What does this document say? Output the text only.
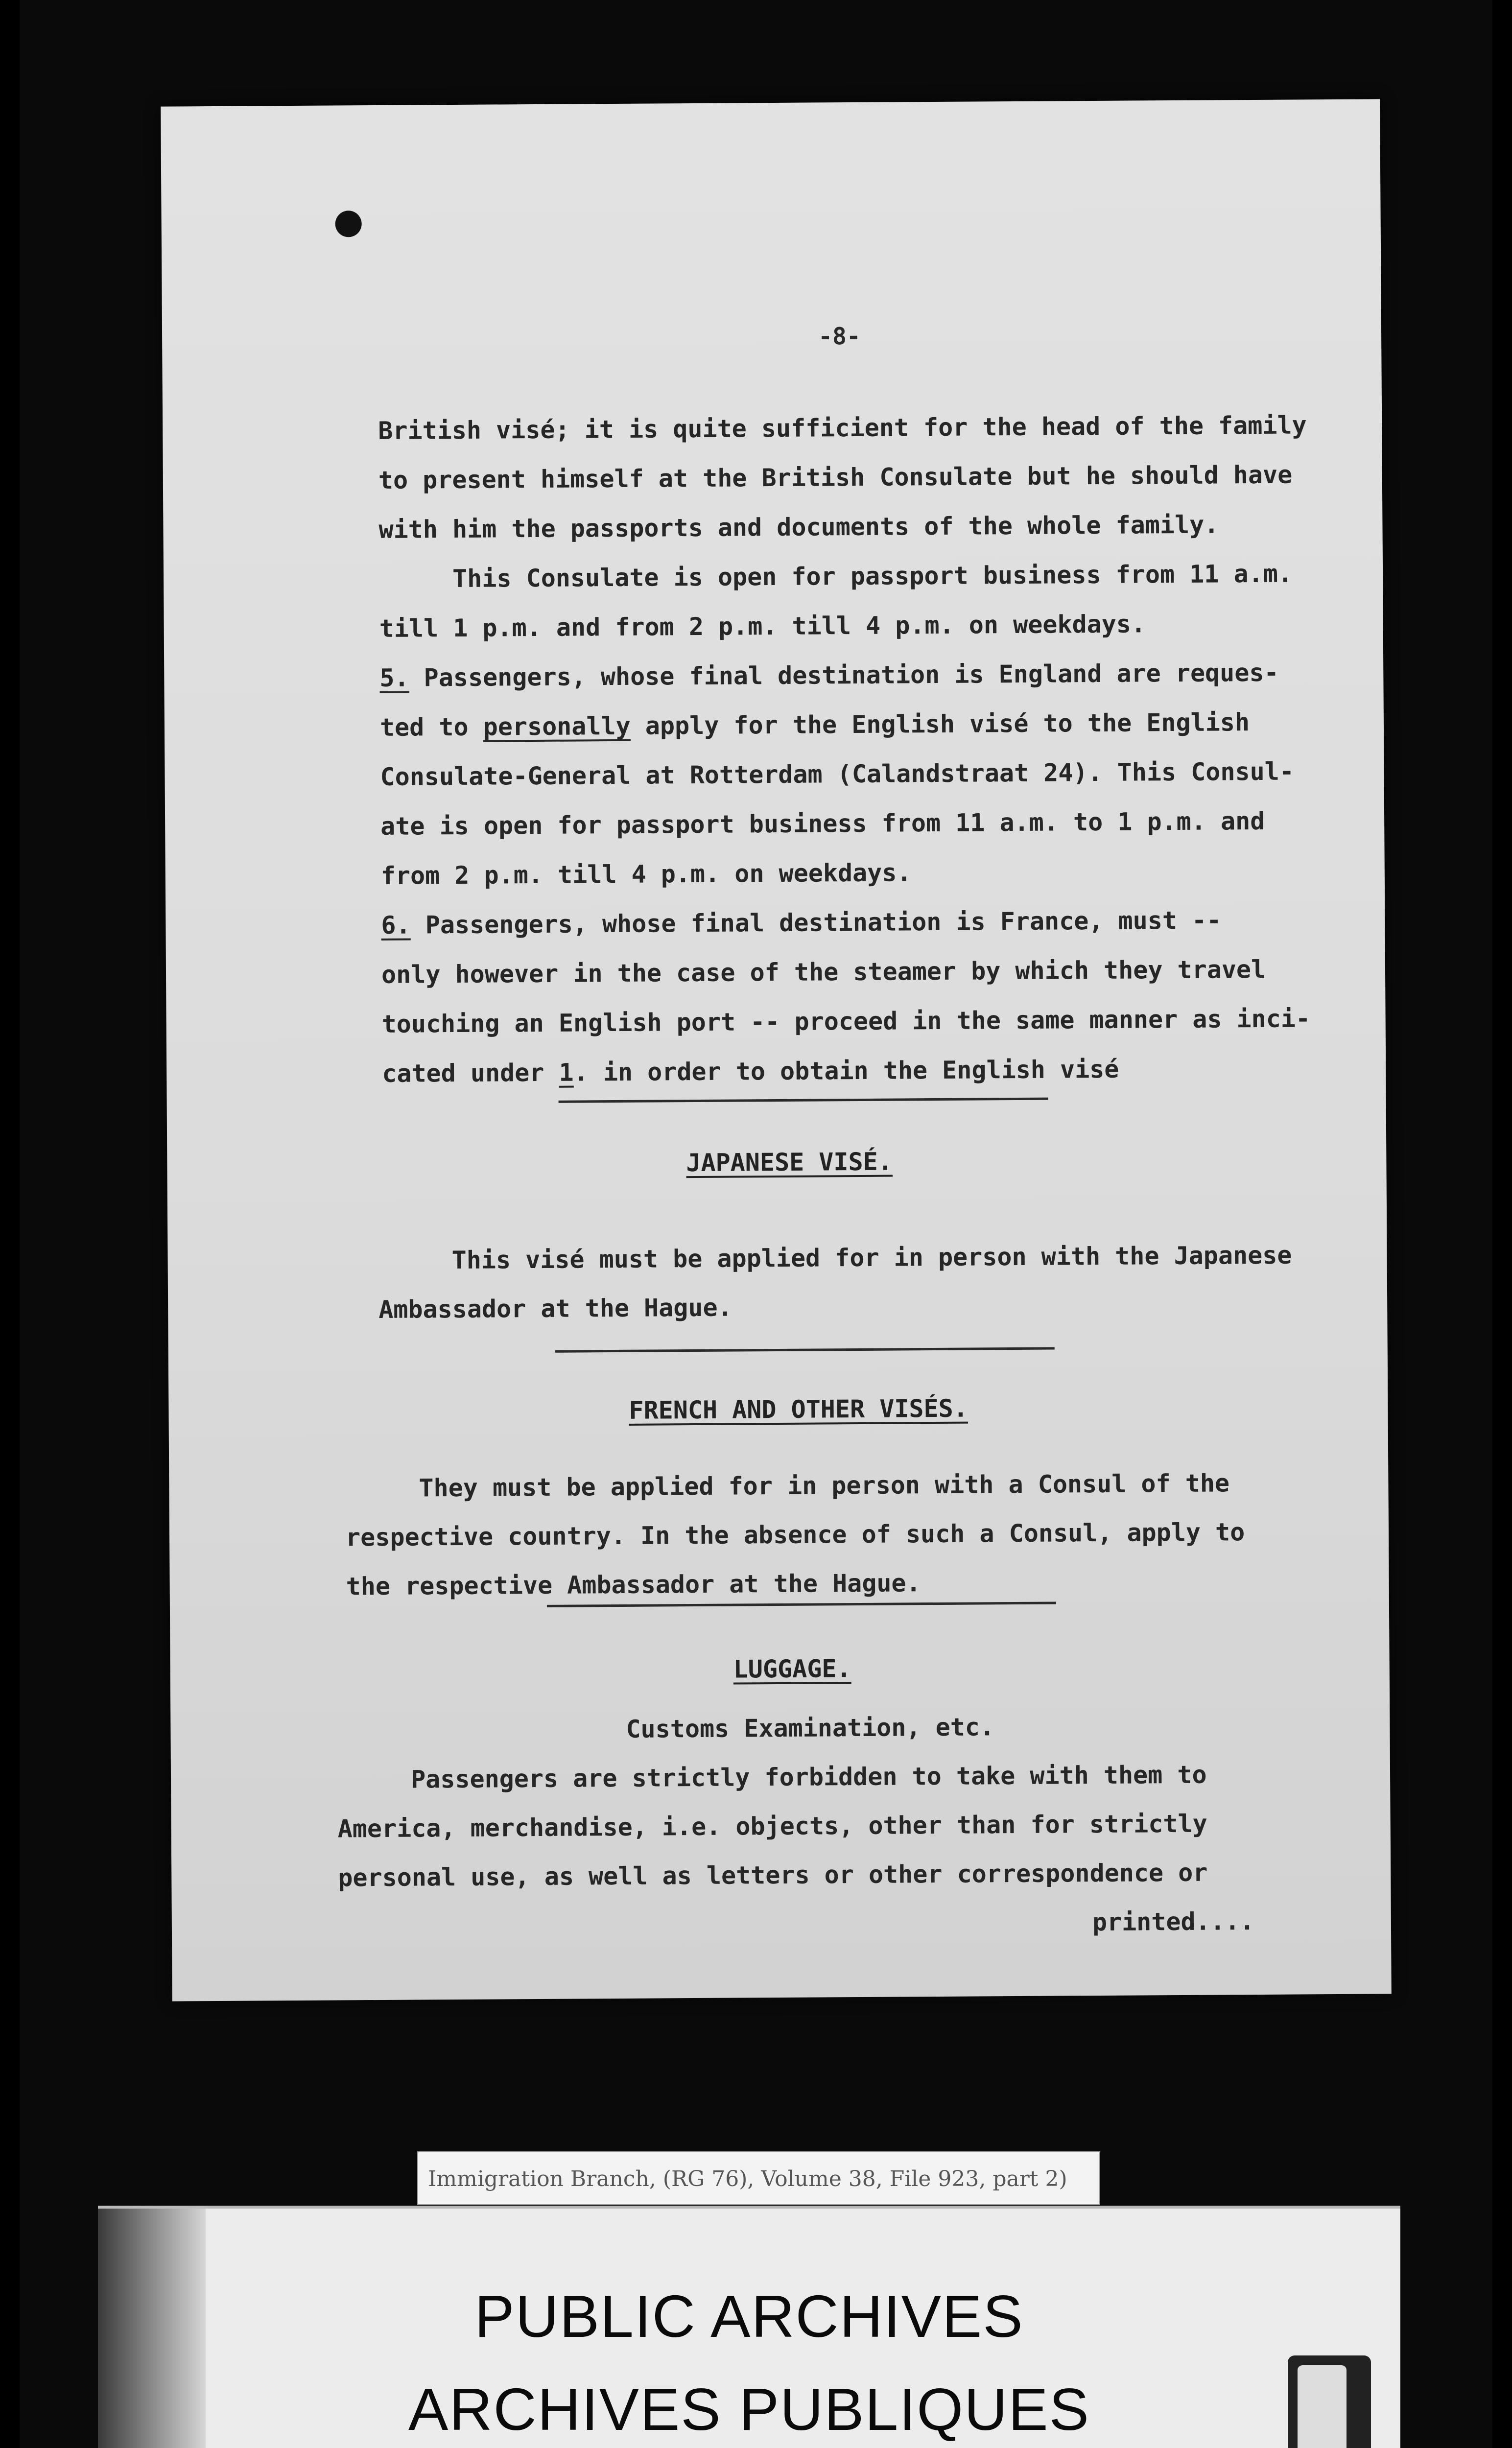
-8-
British visé; it is quite sufficient for the head of the family
to present himself at the British Consulate but he should have
with him the passports and documents of the whole family.
This Consulate is open for passport business from 11 a.m.
till 1 p.m. and from 2 p.m. till 4 p.m. on weekdays.
5. Passengers, whose final destination is England are reques-
ted to personally apply for the English visé to the English
Consulate-General at Rotterdam (Calandstraat 24). This Consul-
ate is open for passport business from 11 a.m. to 1 p.m. and
from 2 p.m. till 4 p.m. on weekdays.
6. Passengers, whose final destination is France, must --
only however in the case of the steamer by which they travel
touching an English port -- proceed in the same manner as inci-
cated under 1. in order to obtain the English visé
JAPANESE VISÉ.
This visé must be applied for in person with the Japanese
Ambassador at the Hague.
FRENCH AND OTHER VISÉS.
They must be applied for in person with a Consul of the
respective country. In the absence of such a Consul, apply to
the respective Ambassador at the Hague.
LUGGAGE.
Customs Examination, etc.
Passengers are strictly forbidden to take with them to
America, merchandise, i.e. objects, other than for strictly
personal use, as well as letters or other correspondence or
printed....
Immigration Branch, (RG 76), Volume 38, File 923, part 2)
PUBLIC ARCHIVES
ARCHIVES PUBLIQUES
